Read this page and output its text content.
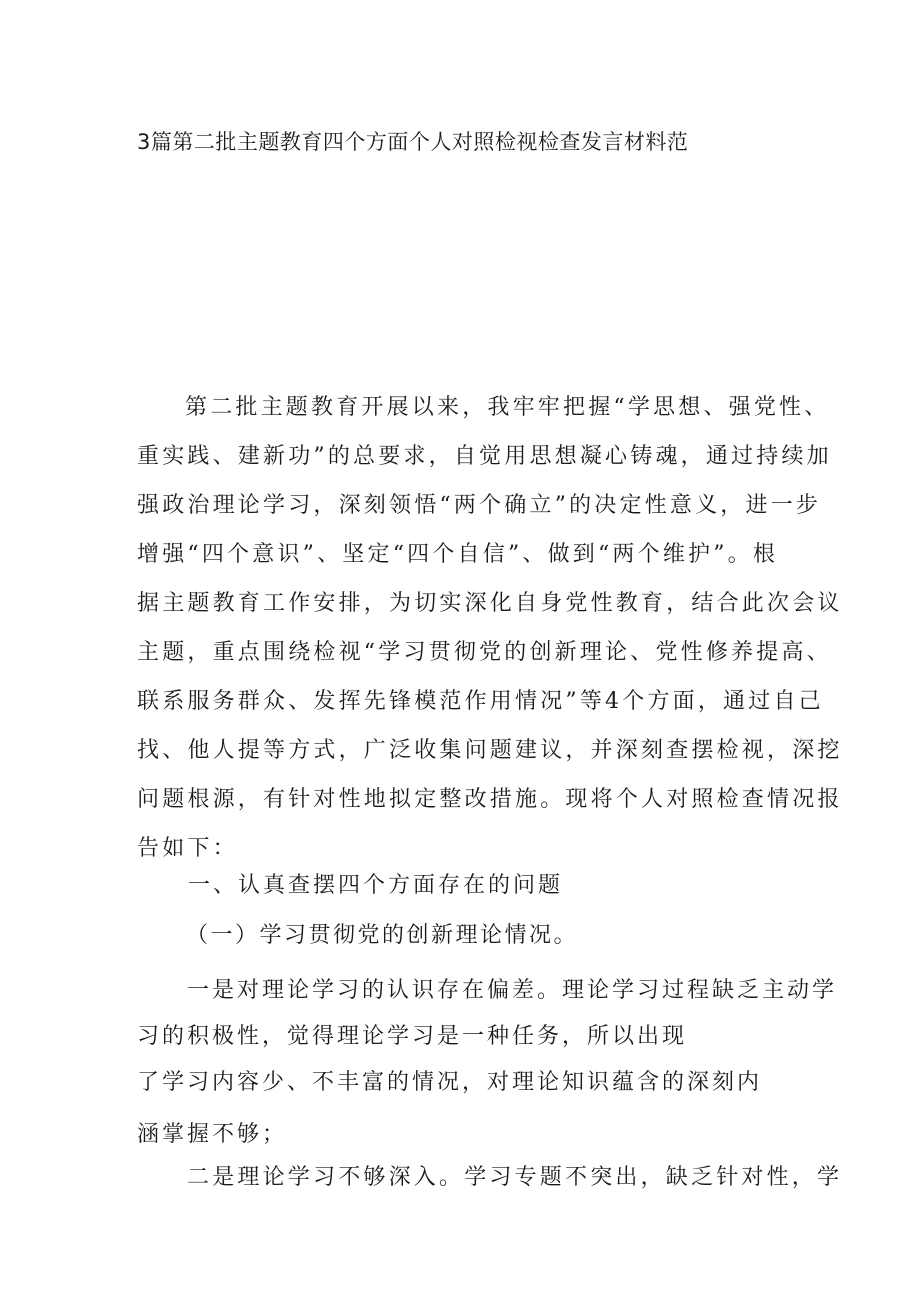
3篇第二批主题教育四个方面个人对照检视检查发言材料范
第二批主题教育开展以来，我牢牢把握“学思想、强党性、
重实践、建新功”的总要求，自觉用思想凝心铸魂，通过持续加
强政治理论学习，深刻领悟“两个确立”的决定性意义，进一步
增强“四个意识”、坚定“四个自信”、做到“两个维护”。根
据主题教育工作安排，为切实深化自身党性教育，结合此次会议
主题，重点围绕检视“学习贯彻党的创新理论、党性修养提高、
联系服务群众、发挥先锋模范作用情况”等4个方面，通过自己
找、他人提等方式，广泛收集问题建议，并深刻查摆检视，深挖
问题根源，有针对性地拟定整改措施。现将个人对照检查情况报
告如下：
一、认真查摆四个方面存在的问题
（一）学习贯彻党的创新理论情况。
一是对理论学习的认识存在偏差。理论学习过程缺乏主动学
习的积极性，觉得理论学习是一种任务，所以出现
了学习内容少、不丰富的情况，对理论知识蕴含的深刻内
涵掌握不够；
二是理论学习不够深入。学习专题不突出，缺乏针对性，学
